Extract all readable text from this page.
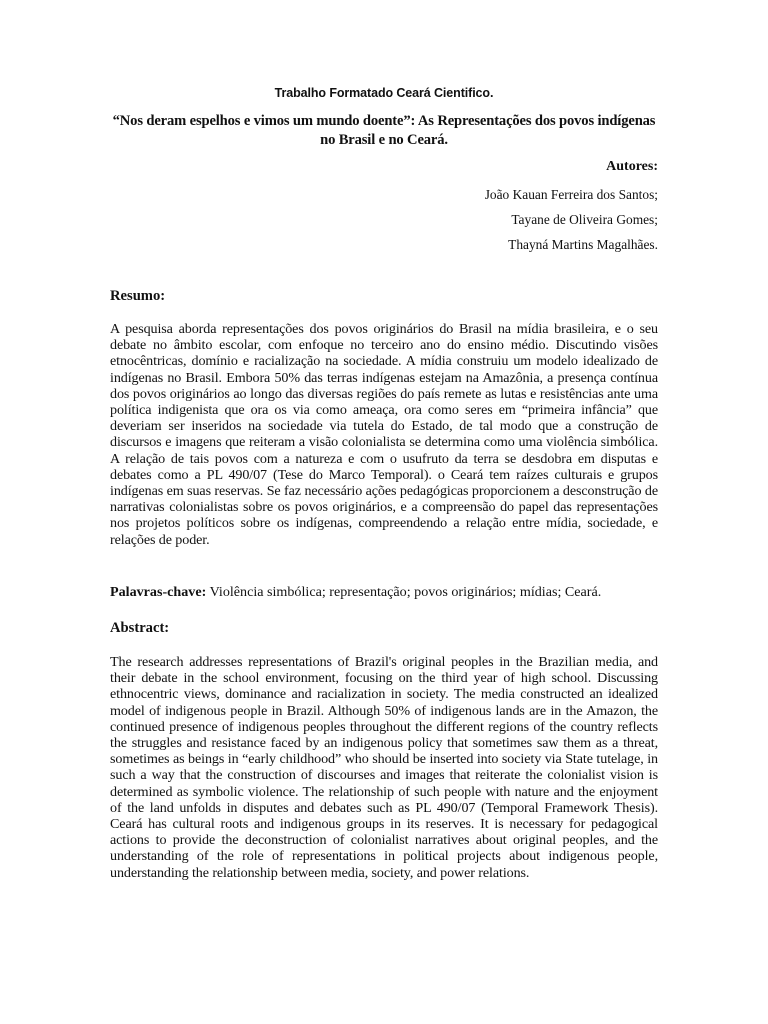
Trabalho Formatado Ceará Cientifico.
“Nos deram espelhos e vimos um mundo doente”: As Representações dos povos indígenas no Brasil e no Ceará.
Autores:
João Kauan Ferreira dos Santos;
Tayane de Oliveira Gomes;
Thayná Martins Magalhães.
Resumo:

A pesquisa aborda representações dos povos originários do Brasil na mídia brasileira, e o seu debate no âmbito escolar, com enfoque no terceiro ano do ensino médio. Discutindo visões etnocêntricas, domínio e racialização na sociedade. A mídia construiu um modelo idealizado de indígenas no Brasil. Embora 50% das terras indígenas estejam na Amazônia, a presença contínua dos povos originários ao longo das diversas regiões do país remete as lutas e resistências ante uma política indigenista que ora os via como ameaça, ora como seres em “primeira infância” que deveriam ser inseridos na sociedade via tutela do Estado, de tal modo que a construção de discursos e imagens que reiteram a visão colonialista se determina como uma violência simbólica. A relação de tais povos com a natureza e com o usufruto da terra se desdobra em disputas e debates como a PL 490/07 (Tese do Marco Temporal). o Ceará tem raízes culturais e grupos indígenas em suas reservas. Se faz necessário ações pedagógicas proporcionem a desconstrução de narrativas colonialistas sobre os povos originários, e a compreensão do papel das representações nos projetos políticos sobre os indígenas, compreendendo a relação entre mídia, sociedade, e relações de poder.

Palavras-chave: Violência simbólica; representação; povos originários; mídias; Ceará.
Abstract:

The research addresses representations of Brazil's original peoples in the Brazilian media, and their debate in the school environment, focusing on the third year of high school. Discussing ethnocentric views, dominance and racialization in society. The media constructed an idealized model of indigenous people in Brazil. Although 50% of indigenous lands are in the Amazon, the continued presence of indigenous peoples throughout the different regions of the country reflects the struggles and resistance faced by an indigenous policy that sometimes saw them as a threat, sometimes as beings in “early childhood” who should be inserted into society via State tutelage, in such a way that the construction of discourses and images that reiterate the colonialist vision is determined as symbolic violence. The relationship of such people with nature and the enjoyment of the land unfolds in disputes and debates such as PL 490/07 (Temporal Framework Thesis). Ceará has cultural roots and indigenous groups in its reserves. It is necessary for pedagogical actions to provide the deconstruction of colonialist narratives about original peoples, and the understanding of the role of representations in political projects about indigenous people, understanding the relationship between media, society, and power relations.
